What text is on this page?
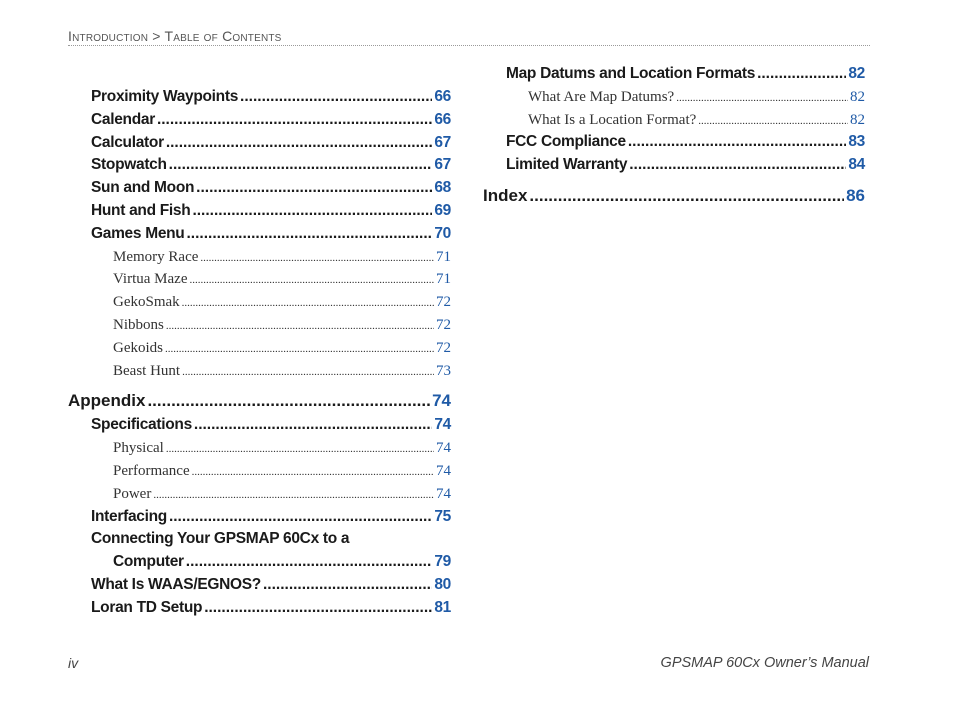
Introduction > Table of Contents
Proximity Waypoints .....	66
Calendar .....	66
Calculator .....	67
Stopwatch .....	67
Sun and Moon .....	68
Hunt and Fish .....	69
Games Menu .....	70
Memory Race .....	71
Virtua Maze .....	71
GekoSmak .....	72
Nibbons .....	72
Gekoids .....	72
Beast Hunt .....	73
Appendix .....	74
Specifications .....	74
Physical .....	74
Performance .....	74
Power .....	74
Interfacing .....	75
Connecting Your GPSMAP 60Cx to a
Computer .....	79
What Is WAAS/EGNOS? .....	80
Loran TD Setup .....	81
Map Datums and Location Formats .....	82
What Are Map Datums? .....	82
What Is a Location Format? .....	82
FCC Compliance .....	83
Limited Warranty .....	84
Index .....	86
iv	GPSMAP 60Cx Owner’s Manual
